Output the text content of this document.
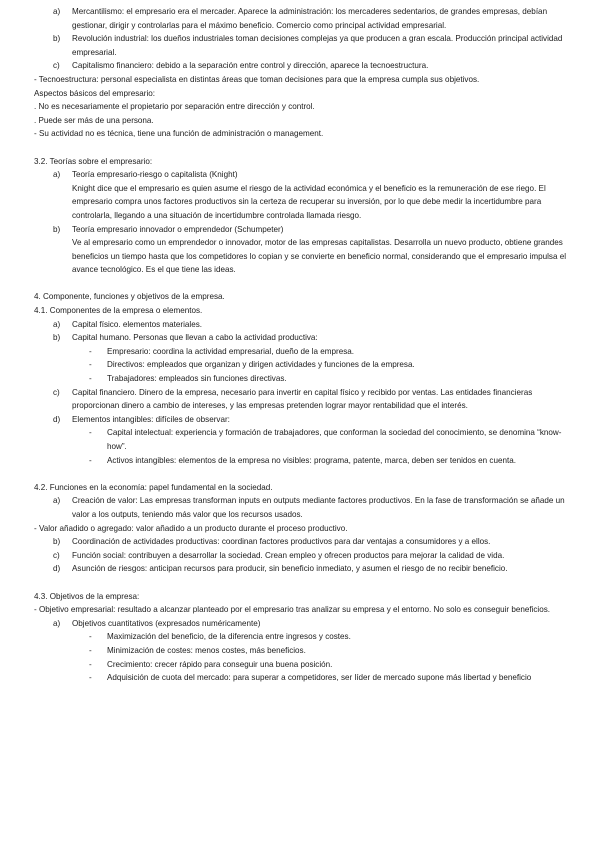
a)	Mercantilismo: el empresario era el mercader. Aparece la administración: los mercaderes sedentarios, de grandes empresas, debían gestionar, dirigir y controlarlas para el máximo beneficio. Comercio como principal actividad empresarial.
b)	Revolución industrial: los dueños industriales toman decisiones complejas ya que producen a gran escala. Producción principal actividad empresarial.
c)	Capitalismo financiero: debido a la separación entre control y dirección, aparece la tecnoestructura.
- Tecnoestructura: personal especialista en distintas áreas que toman decisiones para que la empresa cumpla sus objetivos.
Aspectos básicos del empresario:
. No es necesariamente el propietario por separación entre dirección y control.
. Puede ser más de una persona.
- Su actividad no es técnica, tiene una función de administración o management.
3.2. Teorías sobre el empresario:
a)	Teoría empresario-riesgo o capitalista (Knight)
Knight dice que el empresario es quien asume el riesgo de la actividad económica y el beneficio es la remuneración de ese riego. El empresario compra unos factores productivos sin la certeza de recuperar su inversión, por lo que debe medir la incertidumbre para controlarla, llegando a una situación de incertidumbre controlada llamada riesgo.
b)	Teoría empresario innovador o emprendedor (Schumpeter)
Ve al empresario como un emprendedor o innovador, motor de las empresas capitalistas. Desarrolla un nuevo producto, obtiene grandes beneficios un tiempo hasta que los competidores lo copian y se convierte en beneficio normal, considerando que el empresario impulsa el avance tecnológico. Es el que tiene las ideas.
4. Componente, funciones y objetivos de la empresa.
4.1. Componentes de la empresa o elementos.
a)	Capital físico. elementos materiales.
b)	Capital humano. Personas que llevan a cabo la actividad productiva:
-	Empresario: coordina la actividad empresarial, dueño de la empresa.
-	Directivos: empleados que organizan y dirigen actividades y funciones de la empresa.
-	Trabajadores: empleados sin funciones directivas.
c)	Capital financiero. Dinero de la empresa, necesario para invertir en capital físico y recibido por ventas. Las entidades financieras proporcionan dinero a cambio de intereses, y las empresas pretenden lograr mayor rentabilidad que el interés.
d)	Elementos intangibles: difíciles de observar:
-	Capital intelectual: experiencia y formación de trabajadores, que conforman la sociedad del conocimiento, se denomina “know-how”.
-	Activos intangibles: elementos de la empresa no visibles: programa, patente, marca, deben ser tenidos en cuenta.
4.2. Funciones en la economía: papel fundamental en la sociedad.
a)	Creación de valor: Las empresas transforman inputs en outputs mediante factores productivos. En la fase de transformación se añade un valor a los outputs, teniendo más valor que los recursos usados.
- Valor añadido o agregado: valor añadido a un producto durante el proceso productivo.
b)	Coordinación de actividades productivas: coordinan factores productivos para dar ventajas a consumidores y a ellos.
c)	Función social: contribuyen a desarrollar la sociedad. Crean empleo y ofrecen productos para mejorar la calidad de vida.
d)	Asunción de riesgos: anticipan recursos para producir, sin beneficio inmediato, y asumen el riesgo de no recibir beneficio.
4.3. Objetivos de la empresa:
- Objetivo empresarial: resultado a alcanzar planteado por el empresario tras analizar su empresa y el entorno. No solo es conseguir beneficios.
a)	Objetivos cuantitativos (expresados numéricamente)
-	Maximización del beneficio, de la diferencia entre ingresos y costes.
-	Minimización de costes: menos costes, más beneficios.
-	Crecimiento: crecer rápido para conseguir una buena posición.
-	Adquisición de cuota del mercado: para superar a competidores, ser líder de mercado supone más libertad y beneficio
